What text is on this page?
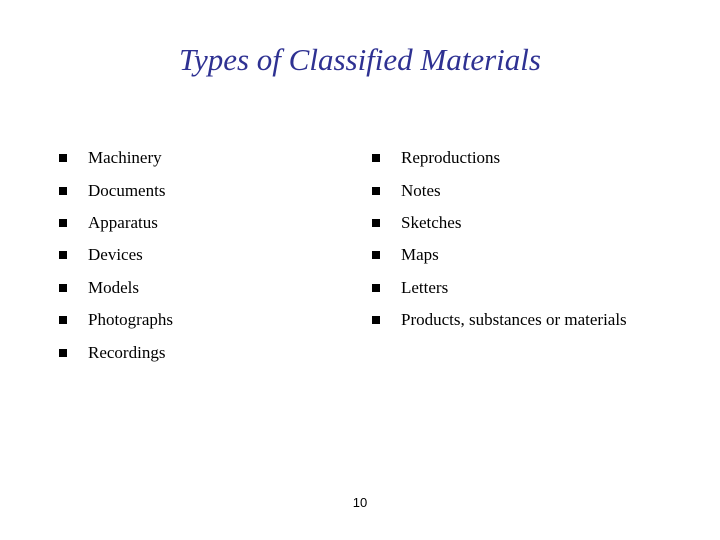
Types of Classified Materials
Machinery
Documents
Apparatus
Devices
Models
Photographs
Recordings
Reproductions
Notes
Sketches
Maps
Letters
Products, substances or materials
10
